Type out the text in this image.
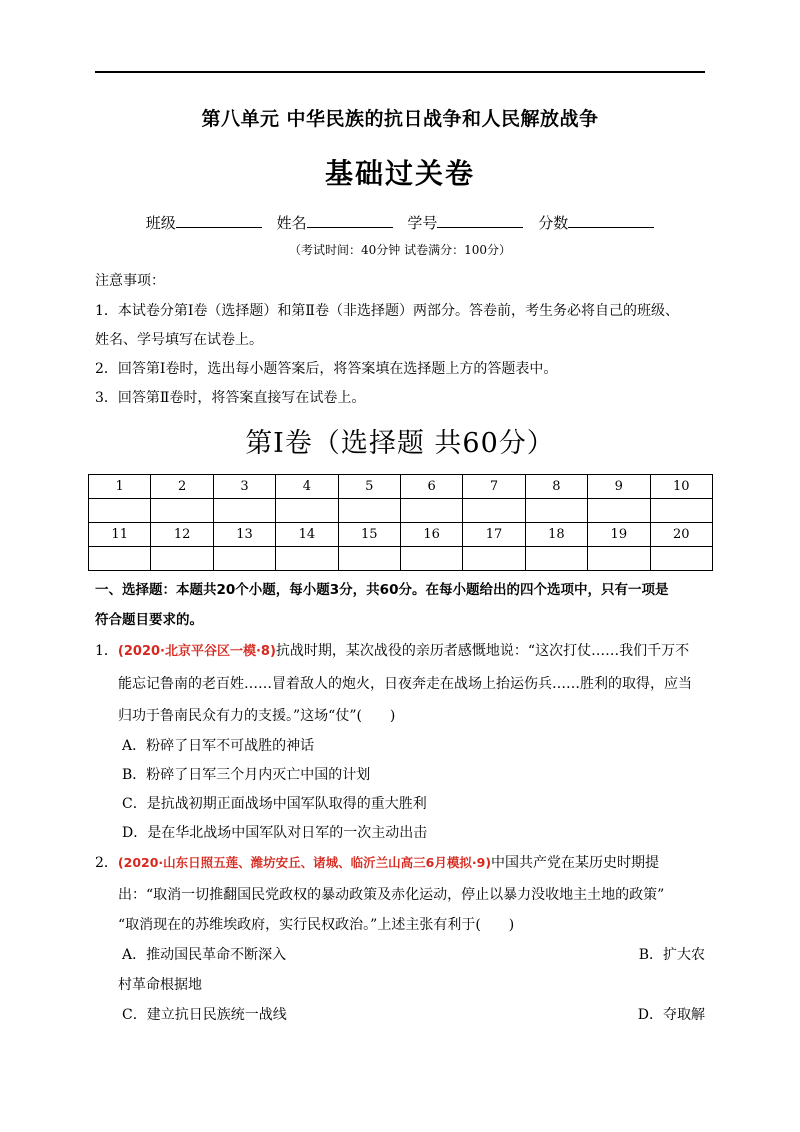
第八单元 中华民族的抗日战争和人民解放战争
基础过关卷
班级	姓名	学号	分数
（考试时间：40分钟 试卷满分：100分）
注意事项：
1．本试卷分第Ⅰ卷（选择题）和第Ⅱ卷（非选择题）两部分。答卷前，考生务必将自己的班级、
姓名、学号填写在试卷上。
2．回答第Ⅰ卷时，选出每小题答案后，将答案填在选择题上方的答题表中。
3．回答第Ⅱ卷时，将答案直接写在试卷上。
第Ⅰ卷（选择题 共60分）
1	2	3	4	5	6	7	8	9	10

11	12	13	14	15	16	17	18	19	20

一、选择题：本题共20个小题，每小题3分，共60分。在每小题给出的四个选项中，只有一项是
符合题目要求的。
1．(2020·北京平谷区一模·8)抗战时期，某次战役的亲历者感慨地说：“这次打仗……我们千万不
能忘记鲁南的老百姓……冒着敌人的炮火，日夜奔走在战场上抬运伤兵……胜利的取得，应当
归功于鲁南民众有力的支援。”这场“仗”(　　)
A．粉碎了日军不可战胜的神话
B．粉碎了日军三个月内灭亡中国的计划
C．是抗战初期正面战场中国军队取得的重大胜利
D．是在华北战场中国军队对日军的一次主动出击
2．(2020·山东日照五莲、潍坊安丘、诸城、临沂兰山高三6月模拟·9)中国共产党在某历史时期提
出：“取消一切推翻国民党政权的暴动政策及赤化运动，停止以暴力没收地主土地的政策”
“取消现在的苏维埃政府，实行民权政治。”上述主张有利于(　　)
A．推动国民革命不断深入	B．扩大农
村革命根据地
C．建立抗日民族统一战线	D．夺取解
